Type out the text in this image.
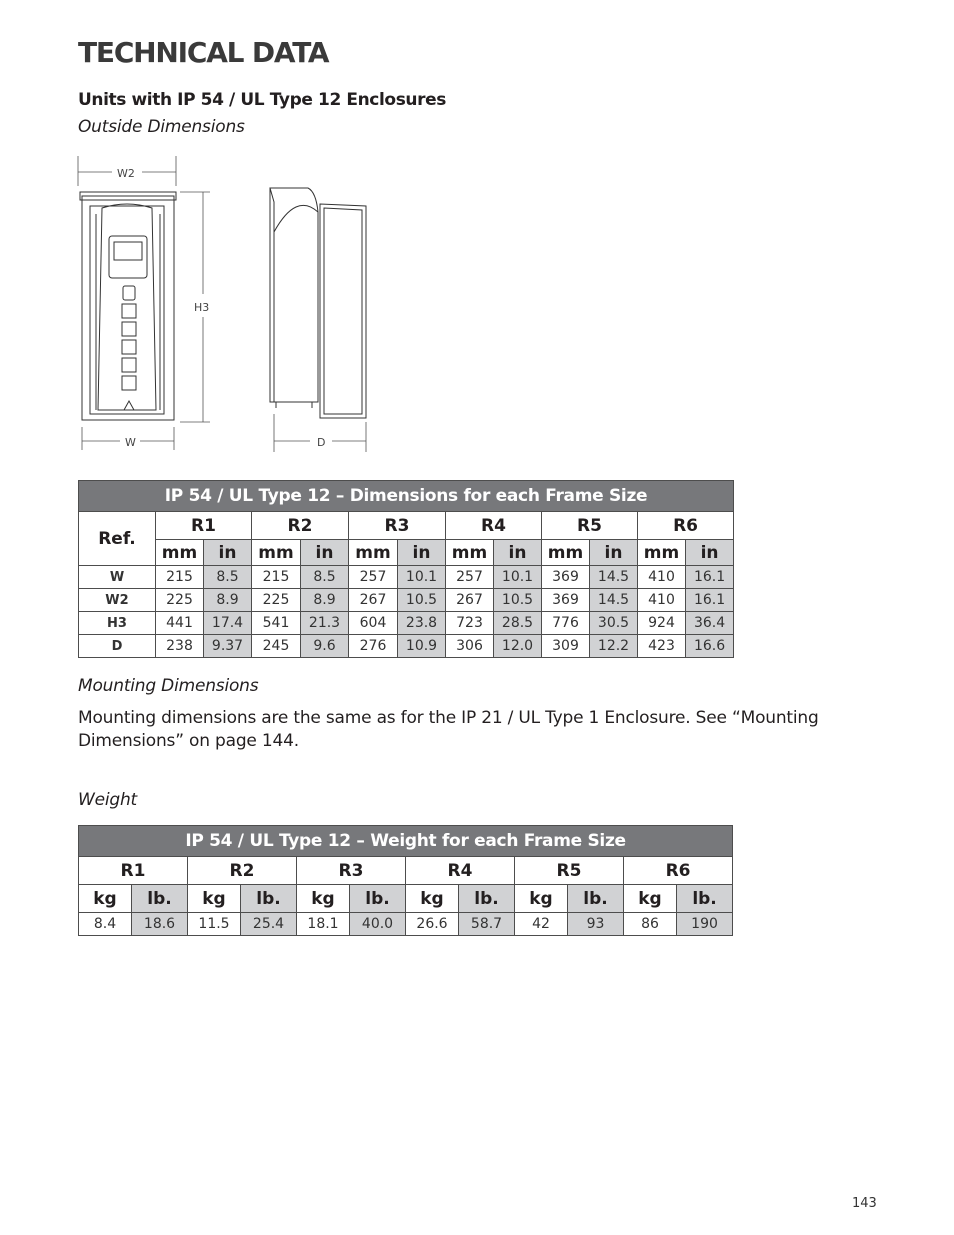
TECHNICAL DATA
Units with IP 54 / UL Type 12 Enclosures
Outside Dimensions
W2
H3
W	D
IP 54 / UL Type 12 – Dimensions for each Frame Size												
Ref.	R1		R2		R3		R4		R5		R6	
	mm	in	mm	in	mm	in	mm	in	mm	in	mm	in
W	215	8.5	215	8.5	257	10.1	257	10.1	369	14.5	410	16.1
W2	225	8.9	225	8.9	267	10.5	267	10.5	369	14.5	410	16.1
H3	441	17.4	541	21.3	604	23.8	723	28.5	776	30.5	924	36.4
D	238	9.37	245	9.6	276	10.9	306	12.0	309	12.2	423	16.6
Mounting Dimensions
Mounting dimensions are the same as for the IP 21 / UL Type 1 Enclosure. See “Mounting Dimensions” on page 144.
Weight
IP 54 / UL Type 12 – Weight for each Frame Size											
R1		R2		R3		R4		R5		R6	
kg	lb.	kg	lb.	kg	lb.	kg	lb.	kg	lb.	kg	lb.
8.4	18.6	11.5	25.4	18.1	40.0	26.6	58.7	42	93	86	190
143
